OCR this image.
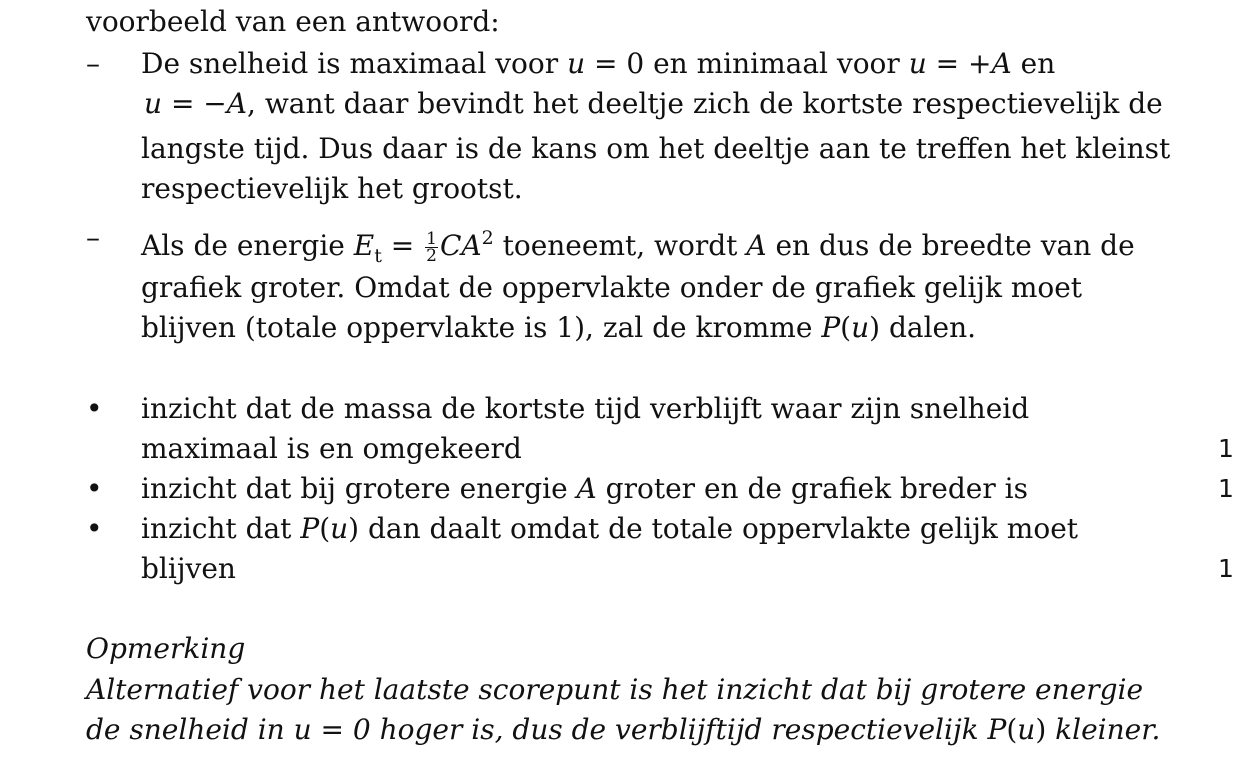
voorbeeld van een antwoord:
– De snelheid is maximaal voor u = 0 en minimaal voor u = +A en
u = −A, want daar bevindt het deeltje zich de kortste respectievelijk de
langste tijd. Dus daar is de kans om het deeltje aan te treffen het kleinst
respectievelijk het grootst.
– Als de energie $E_t = \frac{1}{2} CA^2$ toeneemt, wordt A en dus de breedte van de
grafiek groter. Omdat de oppervlakte onder de grafiek gelijk moet
blijven (totale oppervlakte is 1), zal de kromme P(u) dalen.
• inzicht dat de massa de kortste tijd verblijft waar zijn snelheid
maximaal is en omgekeerd	1
• inzicht dat bij grotere energie A groter en de grafiek breder is	1
• inzicht dat P(u) dan daalt omdat de totale oppervlakte gelijk moet
blijven	1
Opmerking
Alternatief voor het laatste scorepunt is het inzicht dat bij grotere energie
de snelheid in u = 0 hoger is, dus de verblijftijd respectievelijk P(u) kleiner.
